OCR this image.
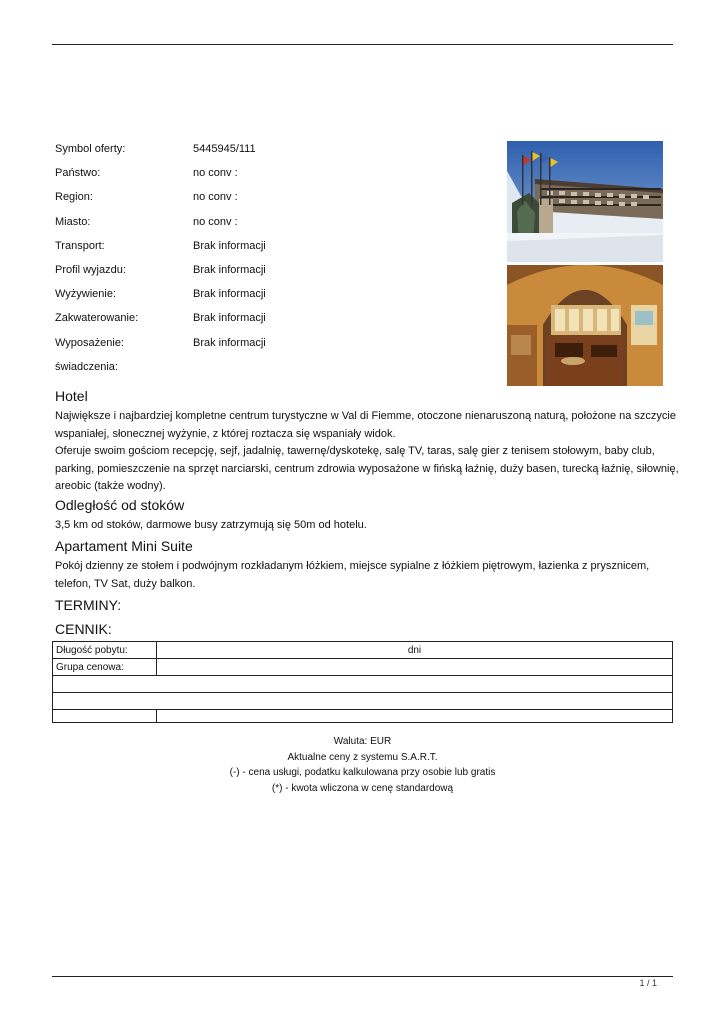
Symbol oferty:	5445945/111
Państwo:	no conv :
Region:	no conv :
Miasto:	no conv :
Transport:	Brak informacji
Profil wyjazdu:	Brak informacji
Wyżywienie:	Brak informacji
Zakwaterowanie:	Brak informacji
Wyposażenie:	Brak informacji
świadczenia:
Hotel

Największe i najbardziej kompletne centrum turystyczne w Val di Fiemme, otoczone nienaruszoną naturą, położone na szczycie wspaniałej, słonecznej wyżynie, z której roztacza się wspaniały widok.

Oferuje swoim gościom recepcję, sejf, jadalnię, tawernę/dyskotekę, salę TV, taras, salę gier z tenisem stołowym, baby club, parking, pomieszczenie na sprzęt narciarski, centrum zdrowia wyposażone w fińską łaźnię, duży basen, turecką łaźnię, siłownię, areobic (także wodny).

Odległość od stoków

3,5 km od stoków, darmowe busy zatrzymują się 50m od hotelu.

Apartament Mini Suite

Pokój dzienny ze stołem i podwójnym rozkładanym łóżkiem, miejsce sypialne z łóżkiem piętrowym, łazienka z prysznicem, telefon, TV Sat, duży balkon.

TERMINY:
CENNIK:
Długość pobytu:	dni
Grupa cenowa:	

Waluta: EUR
Aktualne ceny z systemu S.A.R.T.
(-) - cena usługi, podatku kalkulowana przy osobie lub gratis
(*) - kwota wliczona w cenę standardową
1 / 1
